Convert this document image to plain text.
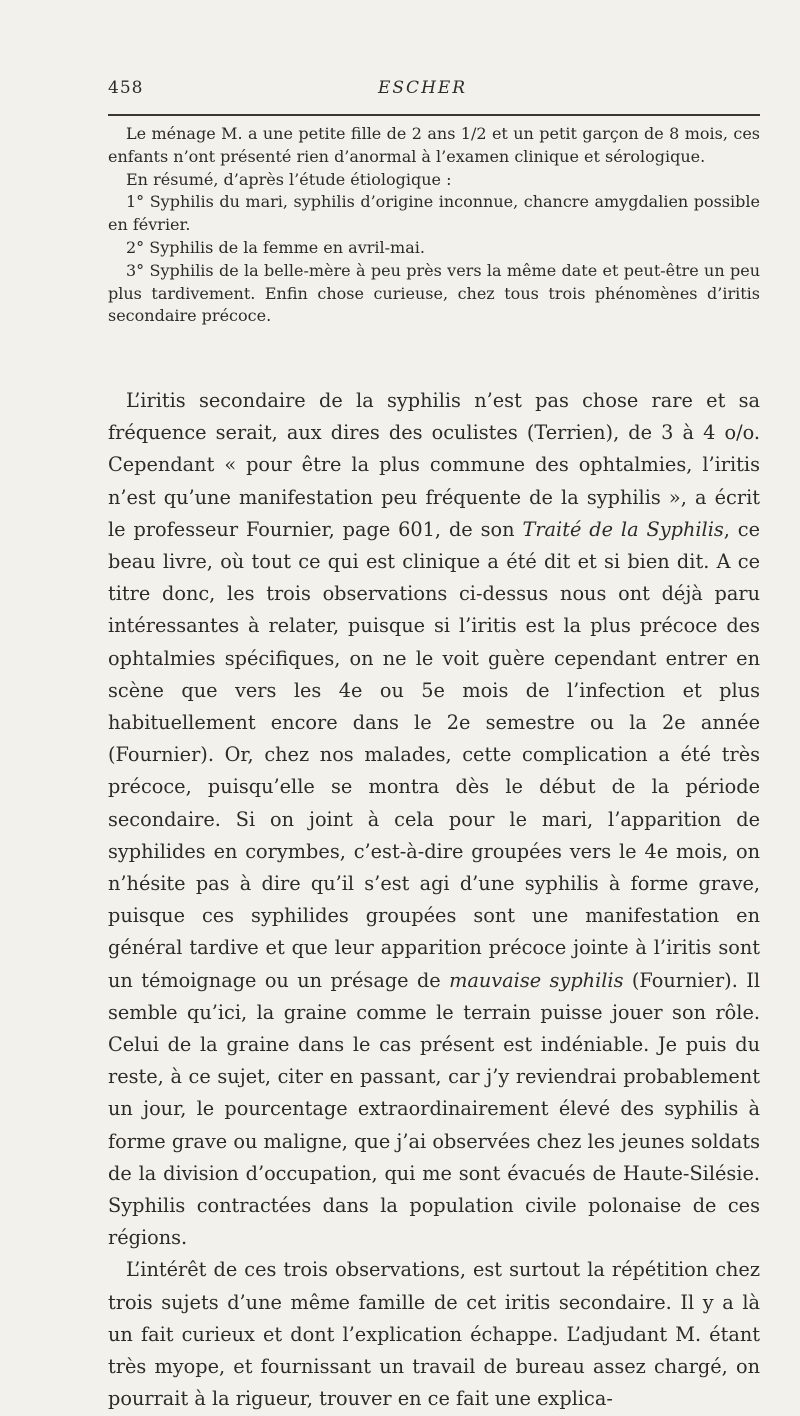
458	ESCHER

Le ménage M. a une petite fille de 2 ans 1/2 et un petit garçon de 8 mois, ces enfants n’ont présenté rien d’anormal à l’examen clinique et sérologique.

En résumé, d’après l’étude étiologique :

1° Syphilis du mari, syphilis d’origine inconnue, chancre amygdalien possible en février.

2° Syphilis de la femme en avril-mai.

3° Syphilis de la belle-mère à peu près vers la même date et peut-être un peu plus tardivement. Enfin chose curieuse, chez tous trois phénomènes d’iritis secondaire précoce.

L’iritis secondaire de la syphilis n’est pas chose rare et sa fréquence serait, aux dires des oculistes (Terrien), de 3 à 4 o/o. Cependant « pour être la plus commune des ophtalmies, l’iritis n’est qu’une manifestation peu fréquente de la syphilis », a écrit le professeur Fournier, page 601, de son Traité de la Syphilis, ce beau livre, où tout ce qui est clinique a été dit et si bien dit. A ce titre donc, les trois observations ci-dessus nous ont déjà paru intéressantes à relater, puisque si l’iritis est la plus précoce des ophtalmies spécifiques, on ne le voit guère cependant entrer en scène que vers les 4e ou 5e mois de l’infection et plus habituellement encore dans le 2e semestre ou la 2e année (Fournier). Or, chez nos malades, cette complication a été très précoce, puisqu’elle se montra dès le début de la période secondaire. Si on joint à cela pour le mari, l’apparition de syphilides en corymbes, c’est-à-dire groupées vers le 4e mois, on n’hésite pas à dire qu’il s’est agi d’une syphilis à forme grave, puisque ces syphilides groupées sont une manifestation en général tardive et que leur apparition précoce jointe à l’iritis sont un témoignage ou un présage de mauvaise syphilis (Fournier). Il semble qu’ici, la graine comme le terrain puisse jouer son rôle. Celui de la graine dans le cas présent est indéniable. Je puis du reste, à ce sujet, citer en passant, car j’y reviendrai probablement un jour, le pourcentage extraordinairement élevé des syphilis à forme grave ou maligne, que j’ai observées chez les jeunes soldats de la division d’occupation, qui me sont évacués de Haute-Silésie. Syphilis contractées dans la population civile polonaise de ces régions.

L’intérêt de ces trois observations, est surtout la répétition chez trois sujets d’une même famille de cet iritis secondaire. Il y a là un fait curieux et dont l’explication échappe. L’adjudant M. étant très myope, et fournissant un travail de bureau assez chargé, on pourrait à la rigueur, trouver en ce fait une explica-
